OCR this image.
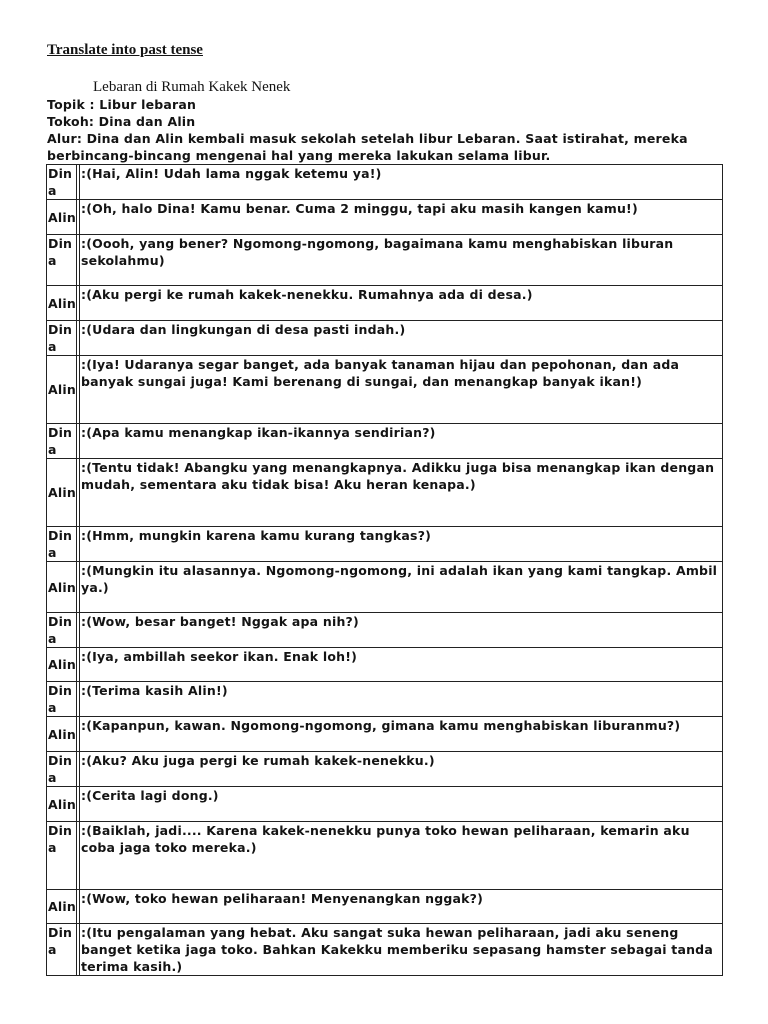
Translate into past tense
Lebaran di Rumah Kakek Nenek
Topik : Libur lebaran
Tokoh: Dina dan Alin
Alur: Dina dan Alin kembali masuk sekolah setelah libur Lebaran. Saat istirahat, mereka berbincang-bincang mengenai hal yang mereka lakukan selama libur.
Din
a		:(Hai, Alin! Udah lama nggak ketemu ya!)
Alin		:(Oh, halo Dina! Kamu benar. Cuma 2 minggu, tapi aku masih kangen kamu!)

Din
a		:(Oooh, yang bener? Ngomong-ngomong, bagaimana kamu menghabiskan liburan sekolahmu)
Alin		:(Aku pergi ke rumah kakek-nenekku. Rumahnya ada di desa.)

Din
a		:(Udara dan lingkungan di desa pasti indah.)
Alin		:(Iya! Udaranya segar banget, ada banyak tanaman hijau dan pepohonan, dan ada banyak sungai juga! Kami berenang di sungai, dan menangkap banyak ikan!)

Din
a		:(Apa kamu menangkap ikan-ikannya sendirian?)
Alin		:(Tentu tidak! Abangku yang menangkapnya. Adikku juga bisa menangkap ikan dengan mudah, sementara aku tidak bisa! Aku heran kenapa.)

Din
a		:(Hmm, mungkin karena kamu kurang tangkas?)
Alin		:(Mungkin itu alasannya. Ngomong-ngomong, ini adalah ikan yang kami tangkap. Ambil ya.)

Din
a		:(Wow, besar banget! Nggak apa nih?)
Alin		:(Iya, ambillah seekor ikan. Enak loh!)

Din
a		:(Terima kasih Alin!)
Alin		:(Kapanpun, kawan. Ngomong-ngomong, gimana kamu menghabiskan liburanmu?)

Din
a		:(Aku? Aku juga pergi ke rumah kakek-nenekku.)
Alin		:(Cerita lagi dong.)

Din
a		:(Baiklah, jadi.... Karena kakek-nenekku punya toko hewan peliharaan, kemarin aku coba jaga toko mereka.)
Alin		:(Wow, toko hewan peliharaan! Menyenangkan nggak?)

Din
a		:(Itu pengalaman yang hebat. Aku sangat suka hewan peliharaan, jadi aku seneng banget ketika jaga toko. Bahkan Kakekku memberiku sepasang hamster sebagai tanda terima kasih.)
